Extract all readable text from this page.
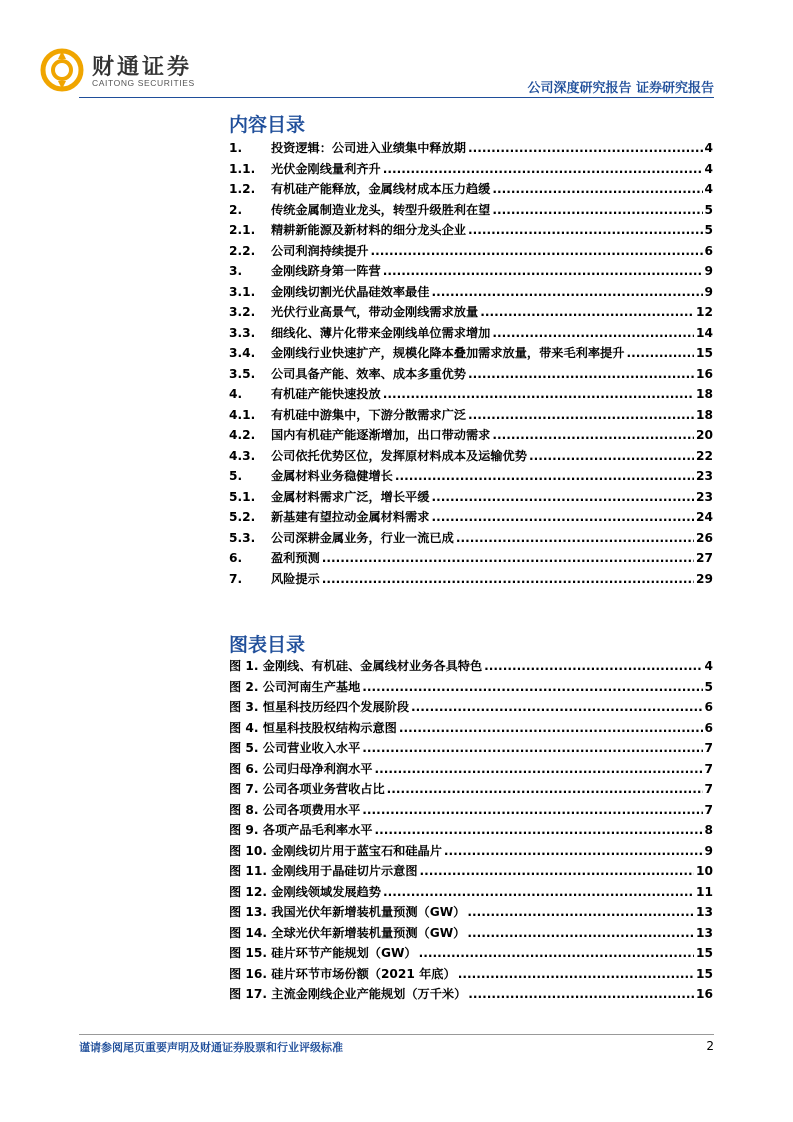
财通证券
CAITONG SECURITIES	公司深度研究报告 证券研究报告
内容目录
1.	投资逻辑：公司进入业绩集中释放期 .....	4
1.1.	光伏金刚线量利齐升 .....	4
1.2.	有机硅产能释放，金属线材成本压力趋缓 .....	4
2.	传统金属制造业龙头，转型升级胜利在望 .....	5
2.1.	精耕新能源及新材料的细分龙头企业 .....	5
2.2.	公司利润持续提升 .....	6
3.	金刚线跻身第一阵营 .....	9
3.1.	金刚线切割光伏晶硅效率最佳 .....	9
3.2.	光伏行业高景气，带动金刚线需求放量 .....	12
3.3.	细线化、薄片化带来金刚线单位需求增加 .....	14
3.4.	金刚线行业快速扩产，规模化降本叠加需求放量，带来毛利率提升 .....	15
3.5.	公司具备产能、效率、成本多重优势 .....	16
4.	有机硅产能快速投放 .....	18
4.1.	有机硅中游集中，下游分散需求广泛 .....	18
4.2.	国内有机硅产能逐渐增加，出口带动需求 .....	20
4.3.	公司依托优势区位，发挥原材料成本及运输优势 .....	22
5.	金属材料业务稳健增长 .....	23
5.1.	金属材料需求广泛，增长平缓 .....	23
5.2.	新基建有望拉动金属材料需求 .....	24
5.3.	公司深耕金属业务，行业一流已成 .....	26
6.	盈利预测 .....	27
7.	风险提示 .....	29
图表目录
图 1. 金刚线、有机硅、金属线材业务各具特色 .....	4
图 2. 公司河南生产基地 .....	5
图 3. 恒星科技历经四个发展阶段 .....	6
图 4. 恒星科技股权结构示意图 .....	6
图 5. 公司营业收入水平 .....	7
图 6. 公司归母净利润水平 .....	7
图 7. 公司各项业务营收占比 .....	7
图 8. 公司各项费用水平 .....	7
图 9. 各项产品毛利率水平 .....	8
图 10. 金刚线切片用于蓝宝石和硅晶片 .....	9
图 11. 金刚线用于晶硅切片示意图 .....	10
图 12. 金刚线领域发展趋势 .....	11
图 13. 我国光伏年新增装机量预测（GW） .....	13
图 14. 全球光伏年新增装机量预测（GW） .....	13
图 15. 硅片环节产能规划（GW） .....	15
图 16. 硅片环节市场份额（2021 年底） .....	15
图 17. 主流金刚线企业产能规划（万千米） .....	16
谨请参阅尾页重要声明及财通证券股票和行业评级标准	2
